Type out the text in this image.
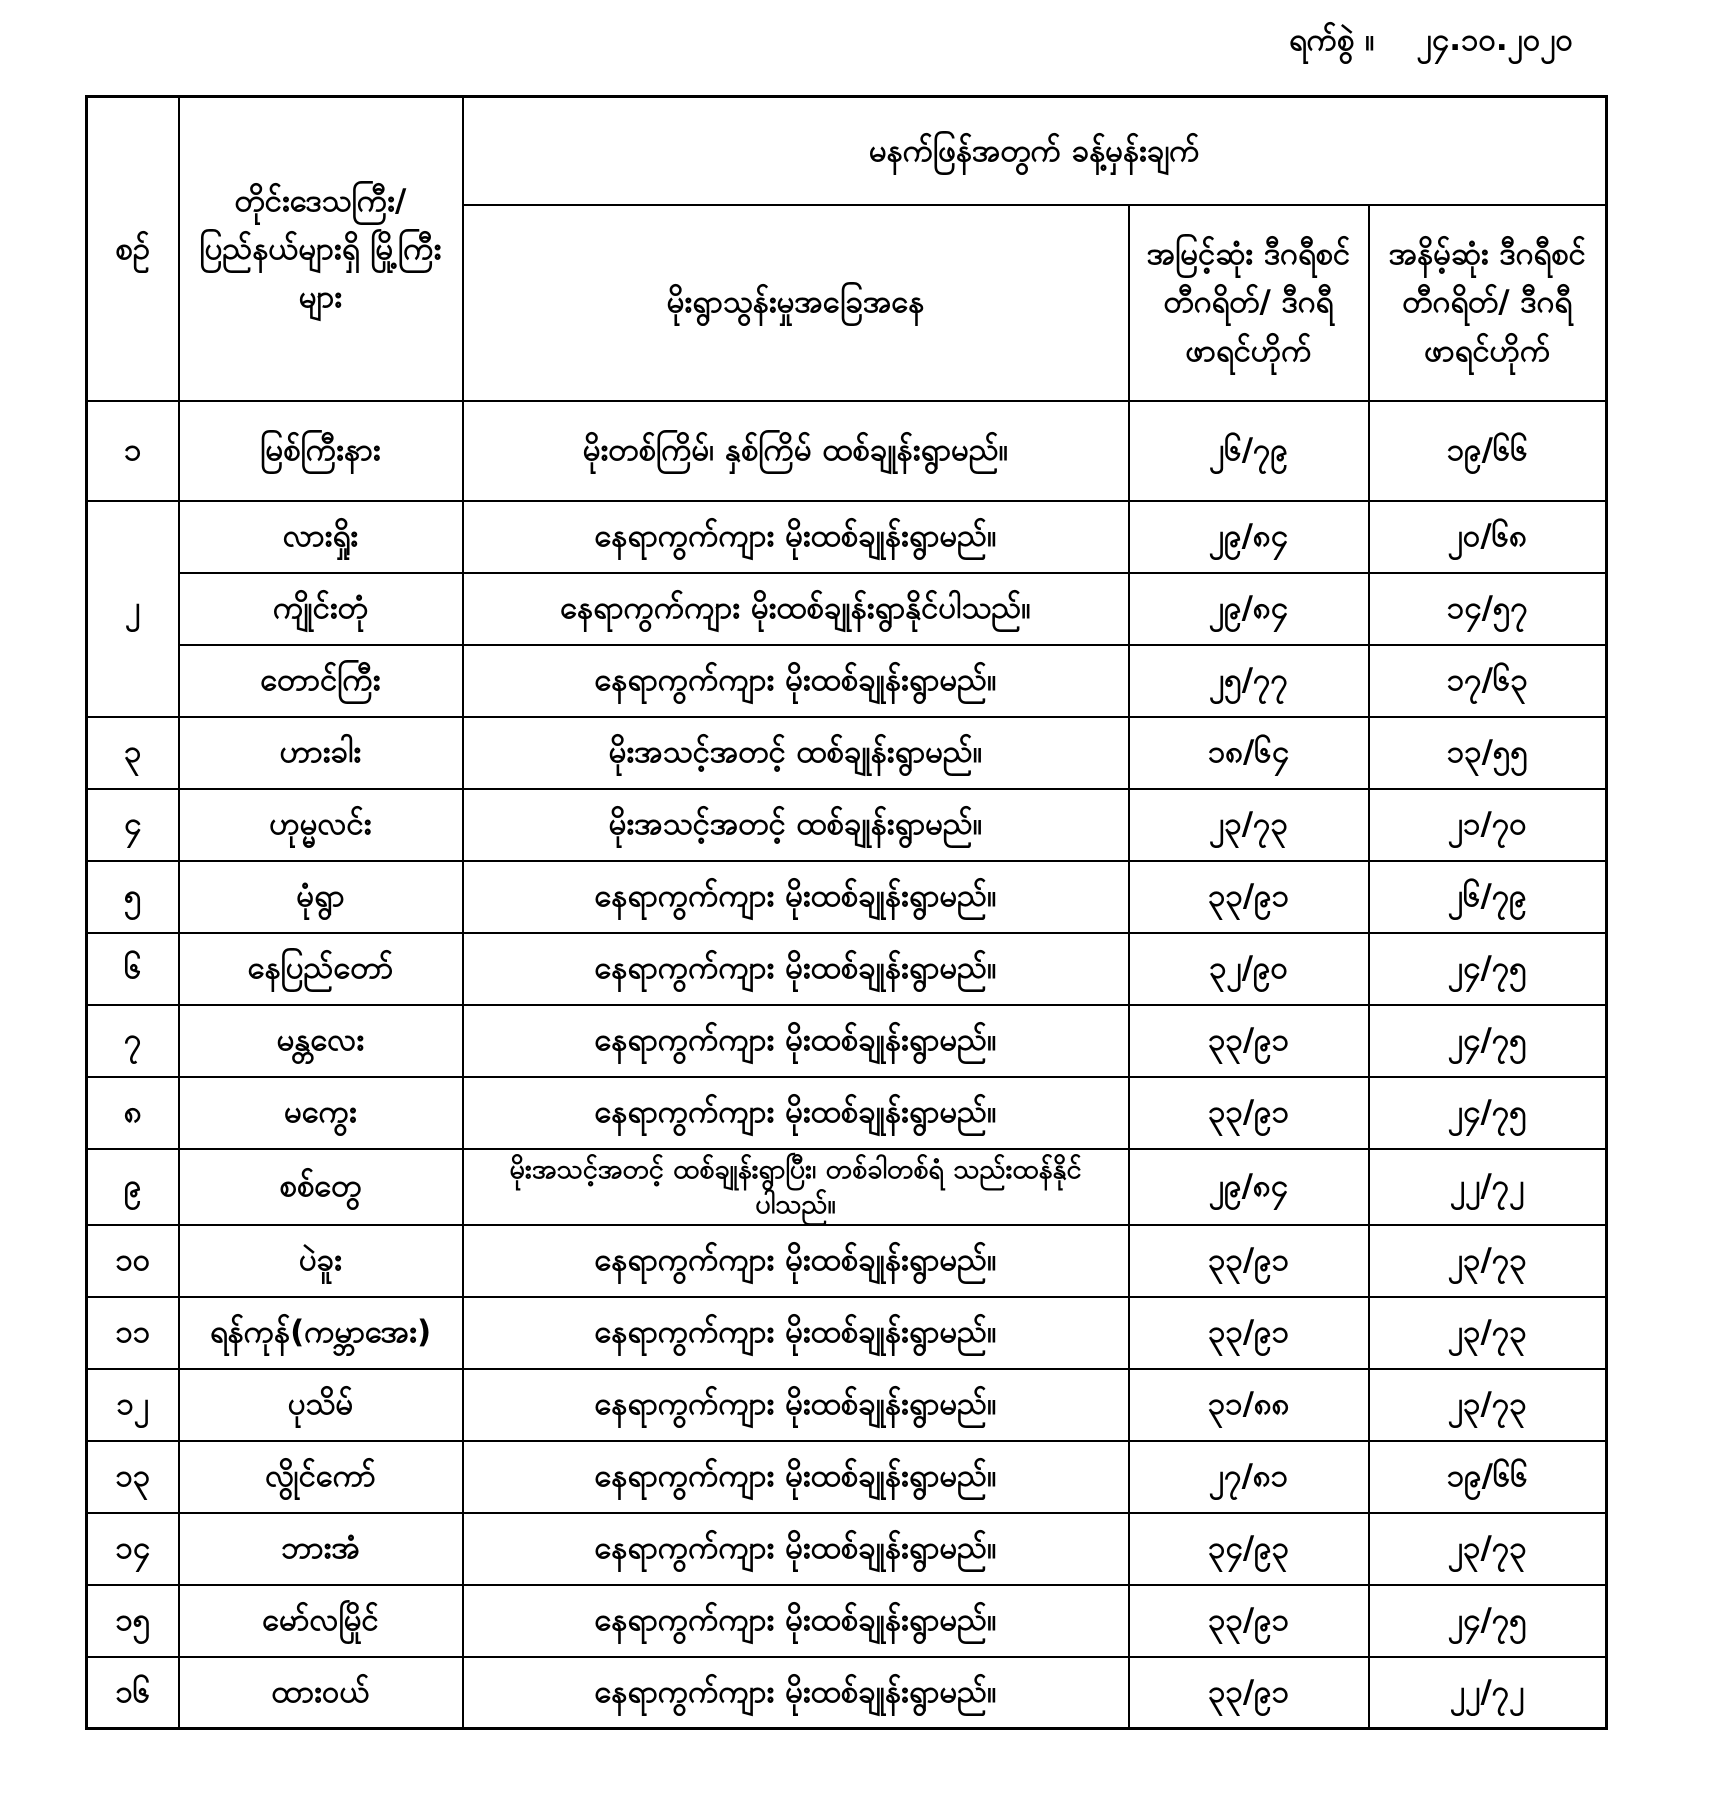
ရက်စွဲ ။ ၂၄.၁၀.၂၀၂၀
စဉ်	တိုင်းဒေသကြီး/ ပြည်နယ်များရှိ မြို့ကြီးများ	မနက်ဖြန်အတွက် ခန့်မှန်းချက်		
		မိုးရွာသွန်းမှုအခြေအနေ	အမြင့်ဆုံး ဒီဂရီစင်တီဂရိတ်/ ဒီဂရီဖာရင်ဟိုက်	အနိမ့်ဆုံး ဒီဂရီစင်တီဂရိတ်/ ဒီဂရီဖာရင်ဟိုက်
၁	မြစ်ကြီးနား	မိုးတစ်ကြိမ်၊ နှစ်ကြိမ် ထစ်ချုန်းရွာမည်။	၂၆/၇၉	၁၉/၆၆
၂	လားရှိုး	နေရာကွက်ကျား မိုးထစ်ချုန်းရွာမည်။	၂၉/၈၄	၂၀/၆၈
	ကျိုင်းတုံ	နေရာကွက်ကျား မိုးထစ်ချုန်းရွာနိုင်ပါသည်။	၂၉/၈၄	၁၄/၅၇
	တောင်ကြီး	နေရာကွက်ကျား မိုးထစ်ချုန်းရွာမည်။	၂၅/၇၇	၁၇/၆၃
၃	ဟားခါး	မိုးအသင့်အတင့် ထစ်ချုန်းရွာမည်။	၁၈/၆၄	၁၃/၅၅
၄	ဟုမ္မလင်း	မိုးအသင့်အတင့် ထစ်ချုန်းရွာမည်။	၂၃/၇၃	၂၁/၇၀
၅	မုံရွာ	နေရာကွက်ကျား မိုးထစ်ချုန်းရွာမည်။	၃၃/၉၁	၂၆/၇၉
၆	နေပြည်တော်	နေရာကွက်ကျား မိုးထစ်ချုန်းရွာမည်။	၃၂/၉၀	၂၄/၇၅
၇	မန္တလေး	နေရာကွက်ကျား မိုးထစ်ချုန်းရွာမည်။	၃၃/၉၁	၂၄/၇၅
၈	မကွေး	နေရာကွက်ကျား မိုးထစ်ချုန်းရွာမည်။	၃၃/၉၁	၂၄/၇၅
၉	စစ်တွေ	မိုးအသင့်အတင့် ထစ်ချုန်းရွာပြီး၊ တစ်ခါတစ်ရံ သည်းထန်နိုင်ပါသည်။	၂၉/၈၄	၂၂/၇၂
၁၀	ပဲခူး	နေရာကွက်ကျား မိုးထစ်ချုန်းရွာမည်။	၃၃/၉၁	၂၃/၇၃
၁၁	ရန်ကုန်(ကမ္ဘာအေး)	နေရာကွက်ကျား မိုးထစ်ချုန်းရွာမည်။	၃၃/၉၁	၂၃/၇၃
၁၂	ပုသိမ်	နေရာကွက်ကျား မိုးထစ်ချုန်းရွာမည်။	၃၁/၈၈	၂၃/၇၃
၁၃	လွိုင်ကော်	နေရာကွက်ကျား မိုးထစ်ချုန်းရွာမည်။	၂၇/၈၁	၁၉/၆၆
၁၄	ဘားအံ	နေရာကွက်ကျား မိုးထစ်ချုန်းရွာမည်။	၃၄/၉၃	၂၃/၇၃
၁၅	မော်လမြိုင်	နေရာကွက်ကျား မိုးထစ်ချုန်းရွာမည်။	၃၃/၉၁	၂၄/၇၅
၁၆	ထားဝယ်	နေရာကွက်ကျား မိုးထစ်ချုန်းရွာမည်။	၃၃/၉၁	၂၂/၇၂
